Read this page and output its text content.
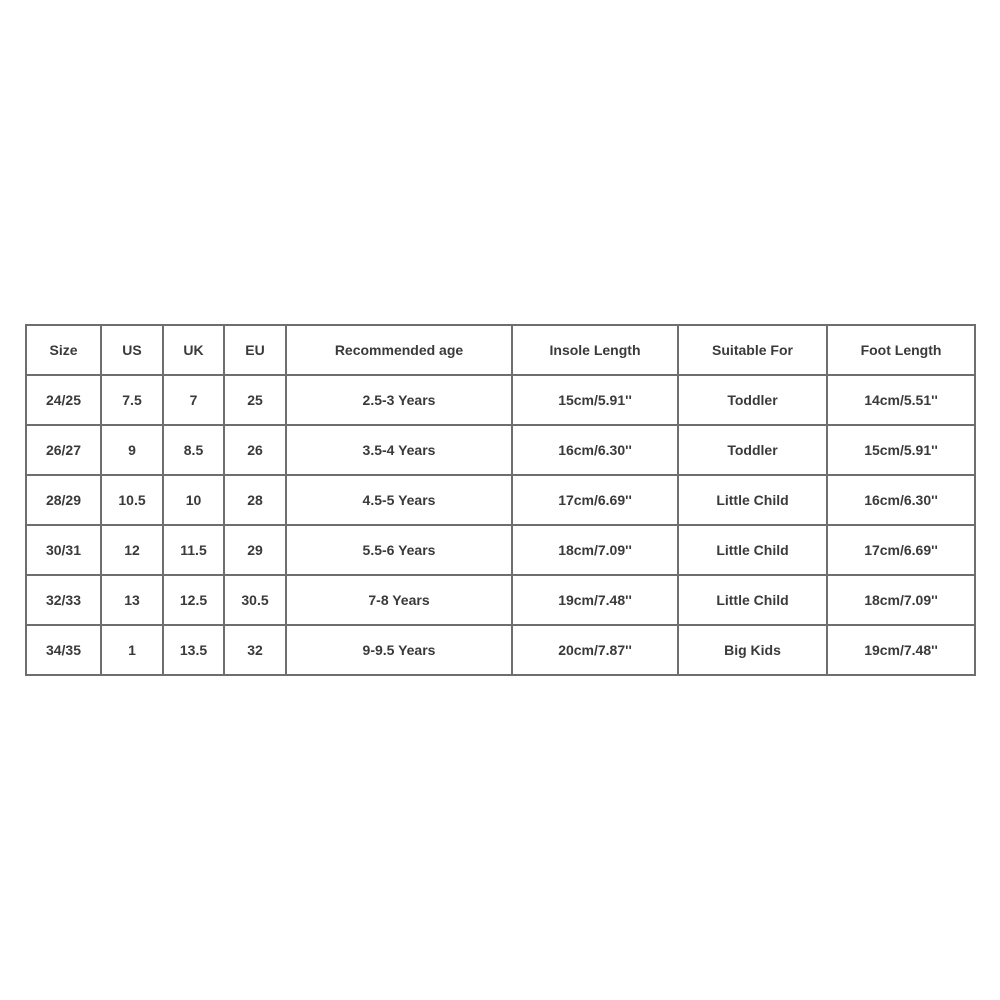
Size	US	UK	EU	Recommended age	Insole Length	Suitable For	Foot Length
24/25	7.5	7	25	2.5-3 Years	15cm/5.91''	Toddler	14cm/5.51''
26/27	9	8.5	26	3.5-4 Years	16cm/6.30''	Toddler	15cm/5.91''
28/29	10.5	10	28	4.5-5 Years	17cm/6.69''	Little Child	16cm/6.30''
30/31	12	11.5	29	5.5-6 Years	18cm/7.09''	Little Child	17cm/6.69''
32/33	13	12.5	30.5	7-8 Years	19cm/7.48''	Little Child	18cm/7.09''
34/35	1	13.5	32	9-9.5 Years	20cm/7.87''	Big Kids	19cm/7.48''
